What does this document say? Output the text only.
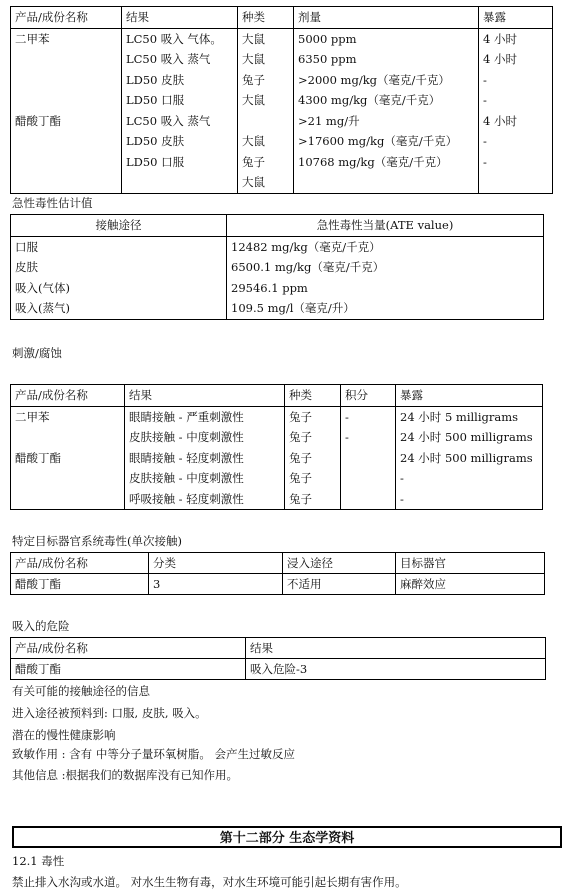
产品/成份名称	结果	种类	剂量	暴露
二甲苯	LC50 吸入 气体。	大鼠	5000 ppm	4 小时
	LC50 吸入 蒸气	大鼠	6350 ppm	4 小时
	LD50 皮肤	兔子	>2000 mg/kg（毫克/千克）	-
	LD50 口服	大鼠	4300 mg/kg（毫克/千克）	-
醋酸丁酯	LC50 吸入 蒸气		>21 mg/升	4 小时
	LD50 皮肤	大鼠	>17600 mg/kg（毫克/千克）	-
	LD50 口服	兔子	10768 mg/kg（毫克/千克）	-
		大鼠		
急性毒性估计值
接触途径	急性毒性当量(ATE value)
口服	12482 mg/kg（毫克/千克）
皮肤	6500.1 mg/kg（毫克/千克）
吸入(气体)	29546.1 ppm
吸入(蒸气)	109.5 mg/l（毫克/升）
刺激/腐蚀
产品/成份名称	结果	种类	积分	暴露
二甲苯	眼睛接触 - 严重刺激性	兔子	-	24 小时 5 milligrams
	皮肤接触 - 中度刺激性	兔子	-	24 小时 500 milligrams
醋酸丁酯	眼睛接触 - 轻度刺激性	兔子		24 小时 500 milligrams
	皮肤接触 - 中度刺激性	兔子		-
	呼吸接触 - 轻度刺激性	兔子		-
特定目标器官系统毒性(单次接触)
产品/成份名称	分类	浸入途径	目标器官
醋酸丁酯	3	不适用	麻醉效应
吸入的危险
产品/成份名称	结果
醋酸丁酯	吸入危险-3
有关可能的接触途径的信息
进入途径被预料到: 口服, 皮肤, 吸入。
潜在的慢性健康影响
致敏作用 : 含有 中等分子量环氧树脂。 会产生过敏反应
其他信息 :根据我们的数据库没有已知作用。
第十二部分 生态学资料
12.1 毒性
禁止排入水沟或水道。 对水生生物有毒，对水生环境可能引起长期有害作用。
